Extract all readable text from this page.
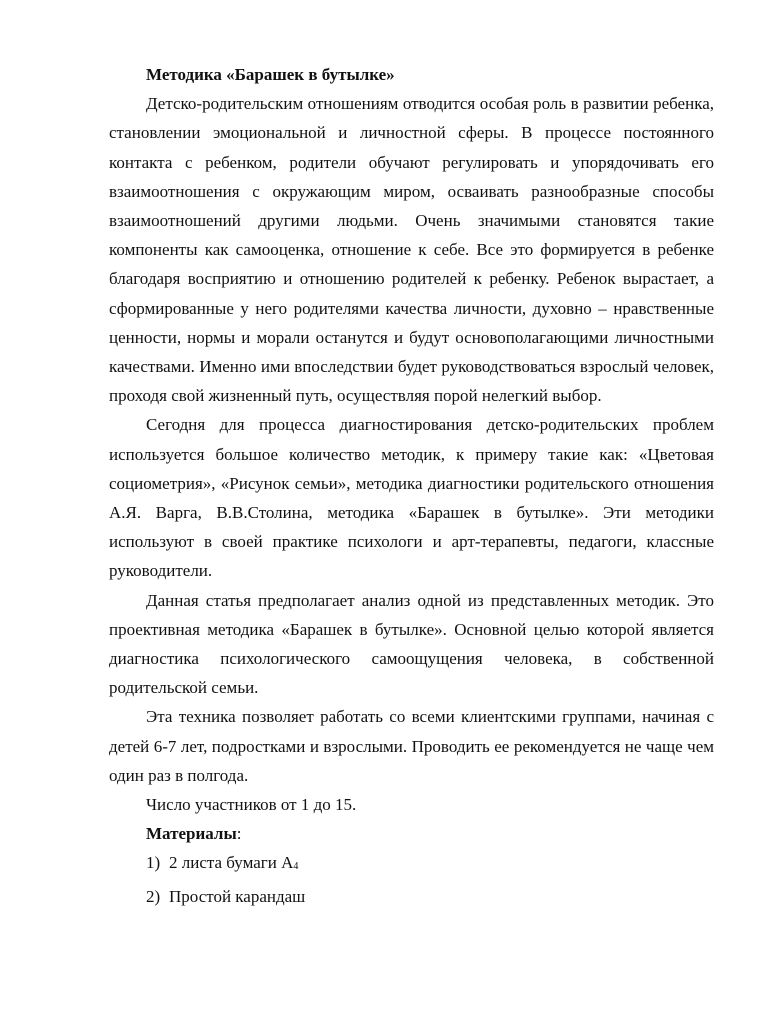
Методика «Барашек в бутылке»

Детско-родительским отношениям отводится особая роль в развитии ребенка, становлении эмоциональной и личностной сферы. В процессе постоянного контакта с ребенком, родители обучают регулировать и упорядочивать его взаимоотношения с окружающим миром, осваивать разнообразные способы взаимоотношений другими людьми. Очень значимыми становятся такие компоненты как самооценка, отношение к себе. Все это формируется в ребенке благодаря восприятию и отношению родителей к ребенку. Ребенок вырастает, а сформированные у него родителями качества личности, духовно – нравственные ценности, нормы и морали останутся и будут основополагающими личностными качествами. Именно ими впоследствии будет руководствоваться взрослый человек, проходя свой жизненный путь, осуществляя порой нелегкий выбор.

Сегодня для процесса диагностирования детско-родительских проблем используется большое количество методик, к примеру такие как: «Цветовая социометрия», «Рисунок семьи», методика диагностики родительского отношения А.Я. Варга, В.В.Столина, методика «Барашек в бутылке». Эти методики используют в своей практике психологи и арт-терапевты, педагоги, классные руководители.

Данная статья предполагает анализ одной из представленных методик. Это проективная методика «Барашек в бутылке». Основной целью которой является диагностика психологического самоощущения человека, в собственной родительской семьи.

Эта техника позволяет работать со всеми клиентскими группами, начиная с детей 6-7 лет, подростками и взрослыми. Проводить ее рекомендуется не чаще чем один раз в полгода.

Число участников от 1 до 15.

Материалы:

1) 2 листа бумаги $А_4$

2) Простой карандаш
